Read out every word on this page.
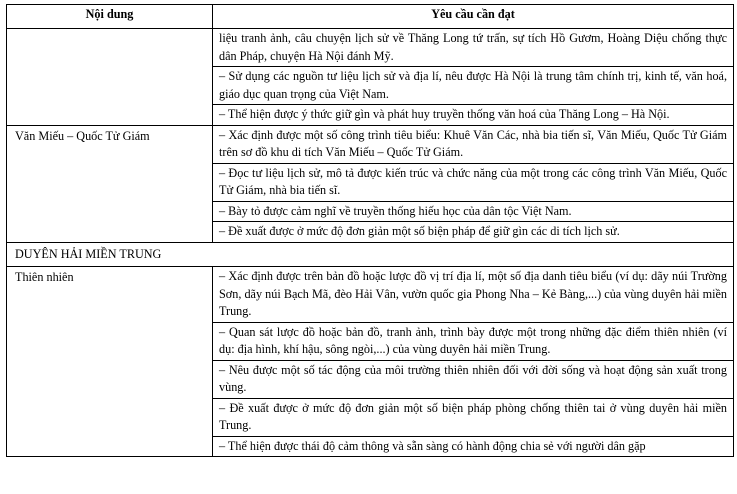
Nội dung	Yêu cầu cần đạt

	liệu tranh ảnh, câu chuyện lịch sử về Thăng Long tứ trấn, sự tích Hồ Gươm, Hoàng Diệu chống thực dân Pháp, chuyện Hà Nội đánh Mỹ.
– Sử dụng các nguồn tư liệu lịch sử và địa lí, nêu được Hà Nội là trung tâm chính trị, kinh tế, văn hoá, giáo dục quan trọng của Việt Nam.
– Thể hiện được ý thức giữ gìn và phát huy truyền thống văn hoá của Thăng Long – Hà Nội.

Văn Miếu – Quốc Tử Giám	– Xác định được một số công trình tiêu biểu: Khuê Văn Các, nhà bia tiến sĩ, Văn Miếu, Quốc Tử Giám trên sơ đồ khu di tích Văn Miếu – Quốc Tử Giám.
– Đọc tư liệu lịch sử, mô tả được kiến trúc và chức năng của một trong các công trình Văn Miếu, Quốc Tử Giám, nhà bia tiến sĩ.
– Bày tỏ được cảm nghĩ về truyền thống hiếu học của dân tộc Việt Nam.
– Đề xuất được ở mức độ đơn giản một số biện pháp để giữ gìn các di tích lịch sử.

DUYÊN HẢI MIỀN TRUNG	
Thiên nhiên	– Xác định được trên bản đồ hoặc lược đồ vị trí địa lí, một số địa danh tiêu biểu (ví dụ: dãy núi Trường Sơn, dãy núi Bạch Mã, đèo Hải Vân, vườn quốc gia Phong Nha – Kẻ Bàng,...) của vùng duyên hải miền Trung.
– Quan sát lược đồ hoặc bản đồ, tranh ảnh, trình bày được một trong những đặc điểm thiên nhiên (ví dụ: địa hình, khí hậu, sông ngòi,...) của vùng duyên hải miền Trung.
– Nêu được một số tác động của môi trường thiên nhiên đối với đời sống và hoạt động sản xuất trong vùng.
– Đề xuất được ở mức độ đơn giản một số biện pháp phòng chống thiên tai ở vùng duyên hải miền Trung.
– Thể hiện được thái độ cảm thông và sẵn sàng có hành động chia sẻ với người dân gặp
